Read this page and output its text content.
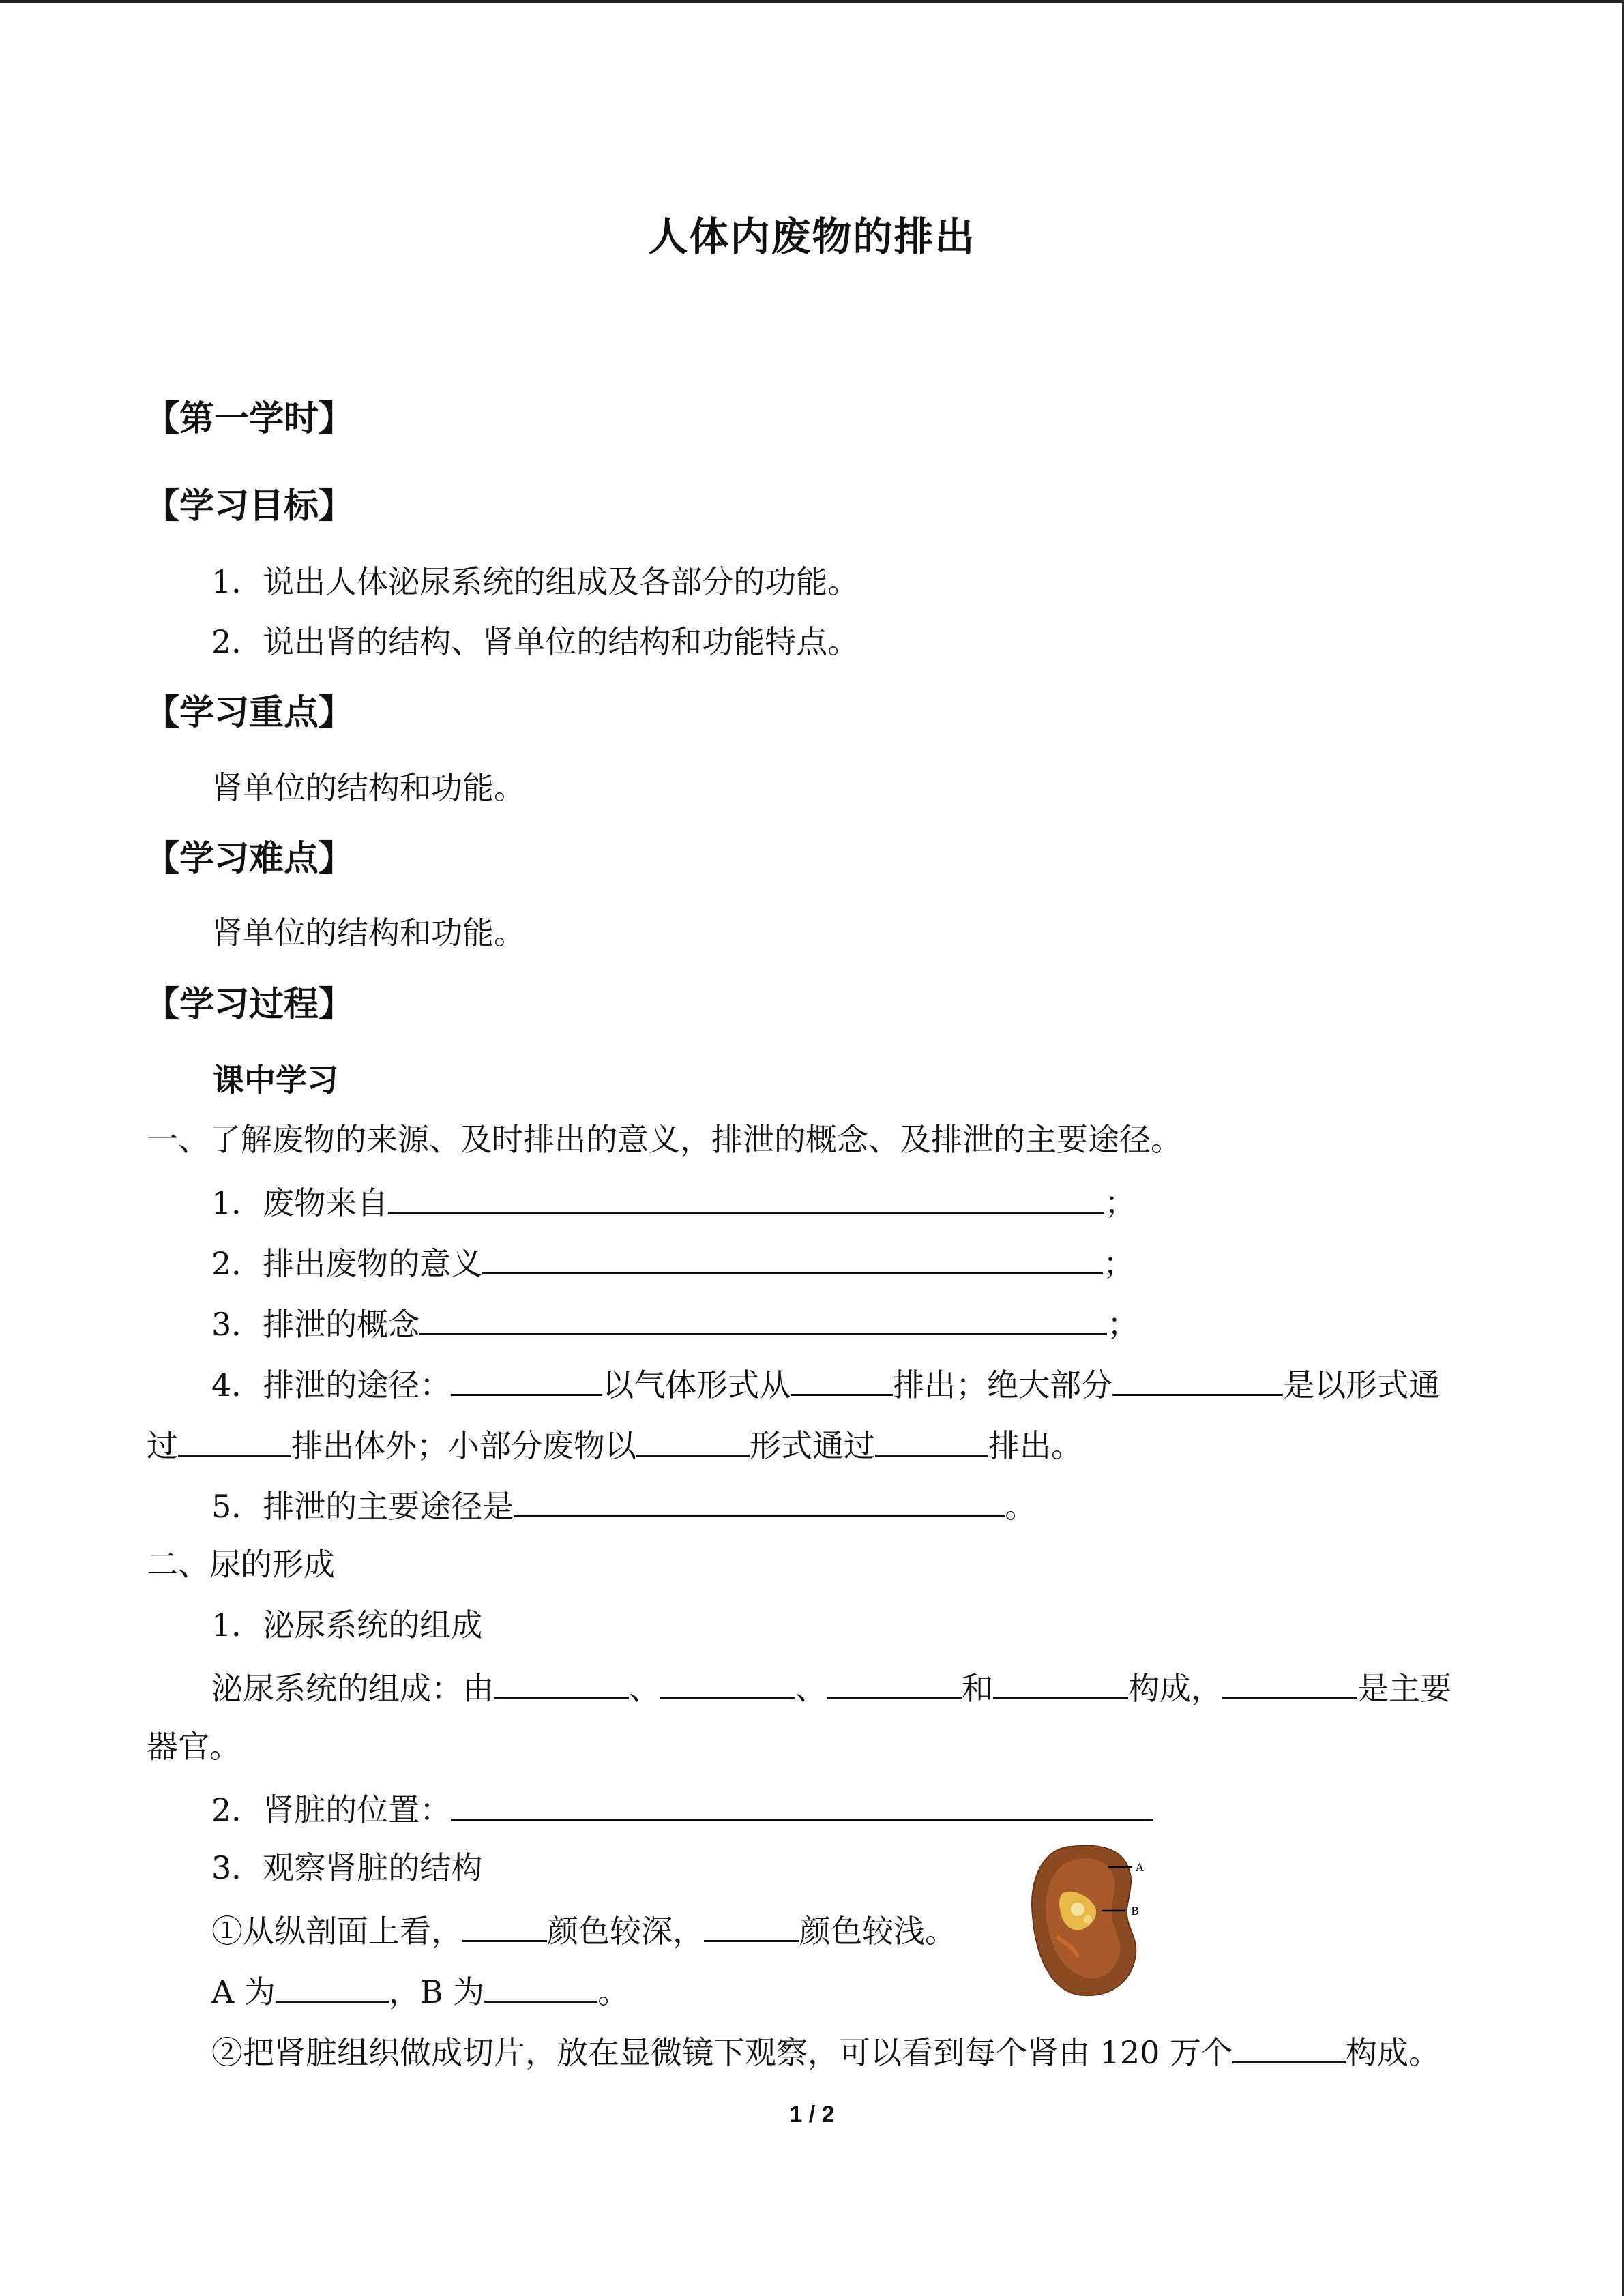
人体内废物的排出
【第一学时】
【学习目标】
1．说出人体泌尿系统的组成及各部分的功能。
2．说出肾的结构、肾单位的结构和功能特点。
【学习重点】
肾单位的结构和功能。
【学习难点】
肾单位的结构和功能。
【学习过程】
课中学习
一、了解废物的来源、及时排出的意义，排泄的概念、及排泄的主要途径。
1．废物来自	；
2．排出废物的意义	；
3．排泄的概念	；
4．排泄的途径：	以气体形式从	排出；绝大部分	是以形式通
过	排出体外；小部分废物以	形式通过	排出。
5．排泄的主要途径是	。
二、尿的形成
1．泌尿系统的组成
泌尿系统的组成：由	、	、	和	构成，	是主要
器官。
2．肾脏的位置：
3．观察肾脏的结构
①从纵剖面上看，	颜色较深，	颜色较浅。
A 为	，B 为	。
②把肾脏组织做成切片，放在显微镜下观察，可以看到每个肾由 120 万个	构成。
A
B
1 / 2
